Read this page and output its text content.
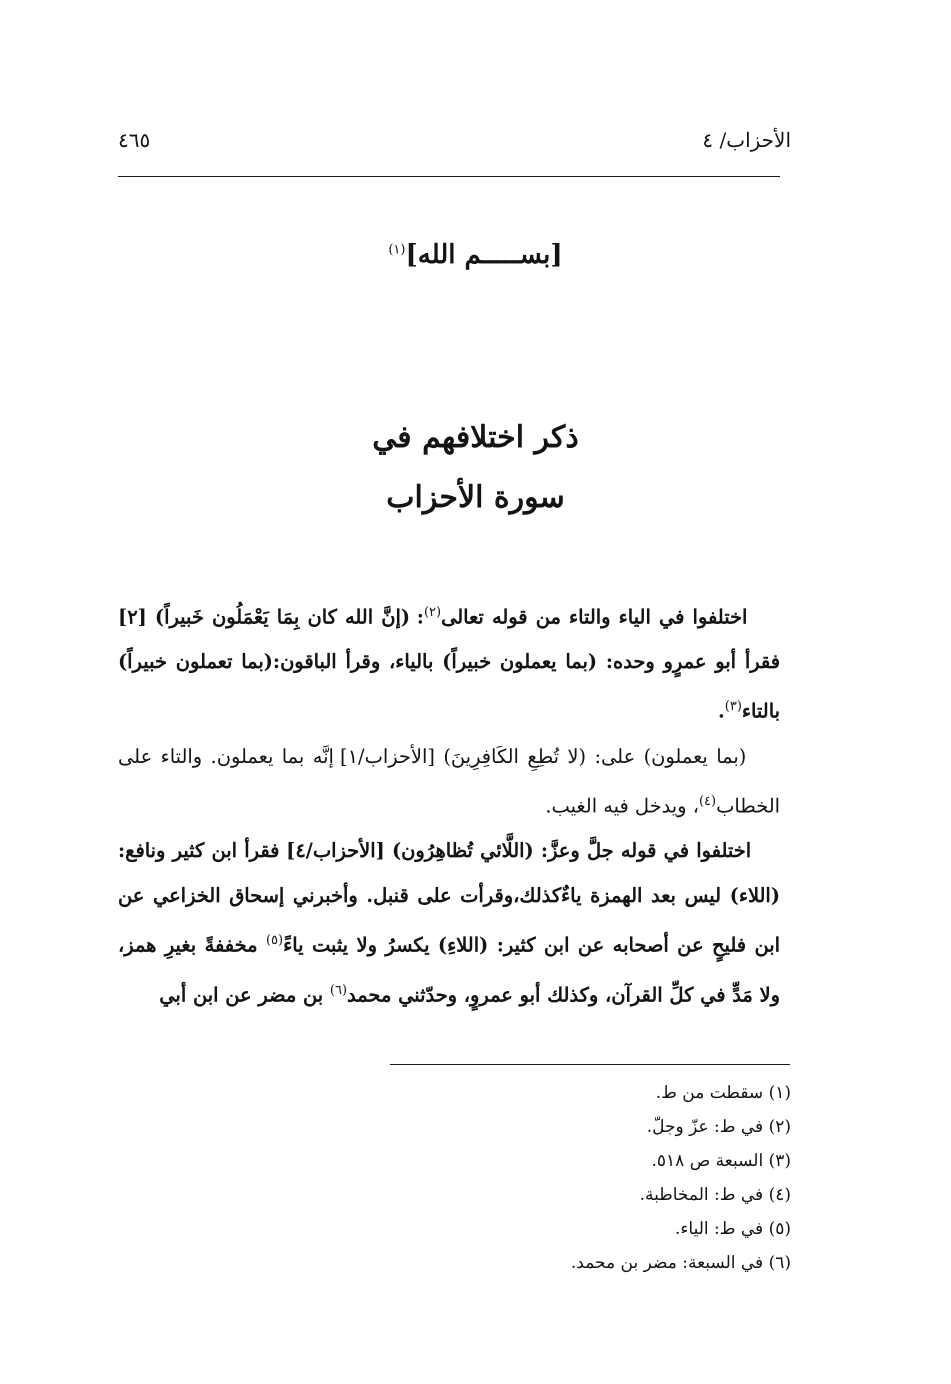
الأحزاب/ ٤
٤٦٥
[بســـــم الله]$^{(١)}$
ذكر اختلافهم في
سورة الأحزاب

اختلفوا في الياء والتاء من قوله تعالى$^{(٢)}$: (إنَّ الله كان بِمَا يَعْمَلُون خَبيراً) [٢] فقرأ أبو عمرٍو وحده: (بما يعملون خبيراً) بالياء، وقرأ الباقون:(بما تعملون خبيراً) بالتاء$^{(٣)}$.

(بما يعملون) على: (لا تُطِعِ الكَافِرِينَ) [الأحزاب/١] إنَّه بما يعملون. والتاء على الخطاب$^{(٤)}$، ويدخل فيه الغيب.

اختلفوا في قوله جلَّ وعزَّ: (اللَّائي تُظاهِرُون) [الأحزاب/٤] فقرأ ابن كثير ونافع: (اللاء) ليس بعد الهمزة ياءٌكذلك،وقرأت على قنبل. وأخبرني إسحاق الخزاعي عن ابن فليحٍ عن أصحابه عن ابن كثير: (اللاءِ) يكسرُ ولا يثبت ياءً$^{(٥)}$ مخففةً بغيرِ همز، ولا مَدٍّ في كلِّ القرآن، وكذلك أبو عمروٍ، وحدّثني محمد$^{(٦)}$ بن مضر عن ابن أبي

(١) سقطت من ط.
(٢) في ط: عزّ وجلّ.
(٣) السبعة ص ٥١٨.
(٤) في ط: المخاطبة.
(٥) في ط: الياء.
(٦) في السبعة: مضر بن محمد.
